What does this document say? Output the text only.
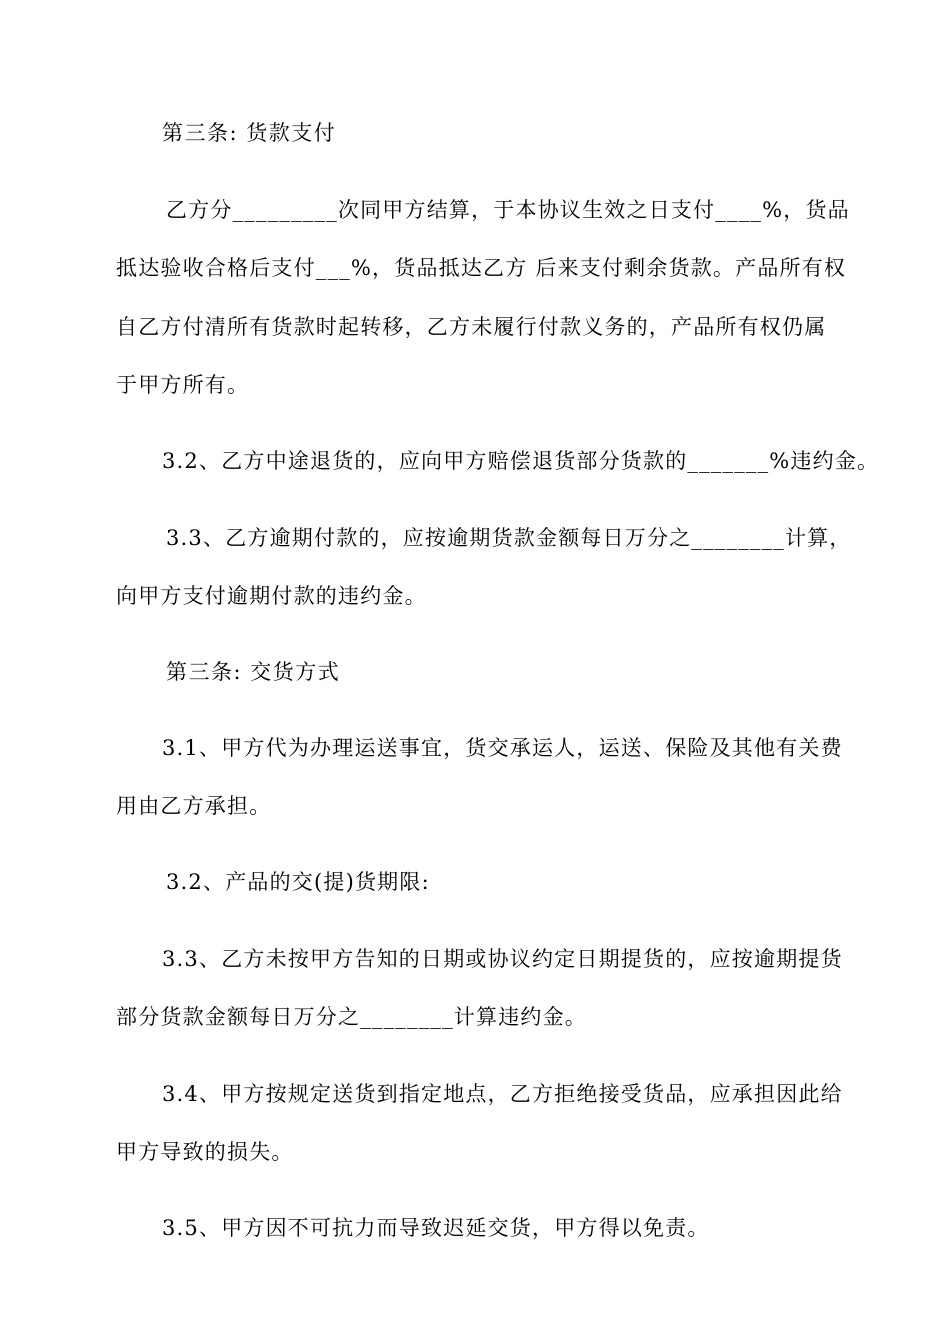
第三条: 货款支付
乙方分_________次同甲方结算，于本协议生效之日支付____%，货品
抵达验收合格后支付___%，货品抵达乙方 后来支付剩余货款。产品所有权
自乙方付清所有货款时起转移，乙方未履行付款义务的，产品所有权仍属
于甲方所有。
3.2、乙方中途退货的，应向甲方赔偿退货部分货款的_______%违约金。
3.3、乙方逾期付款的，应按逾期货款金额每日万分之________计算，
向甲方支付逾期付款的违约金。
第三条: 交货方式
3.1、甲方代为办理运送事宜，货交承运人，运送、保险及其他有关费
用由乙方承担。
3.2、产品的交(提)货期限:
3.3、乙方未按甲方告知的日期或协议约定日期提货的，应按逾期提货
部分货款金额每日万分之________计算违约金。
3.4、甲方按规定送货到指定地点，乙方拒绝接受货品，应承担因此给
甲方导致的损失。
3.5、甲方因不可抗力而导致迟延交货，甲方得以免责。
